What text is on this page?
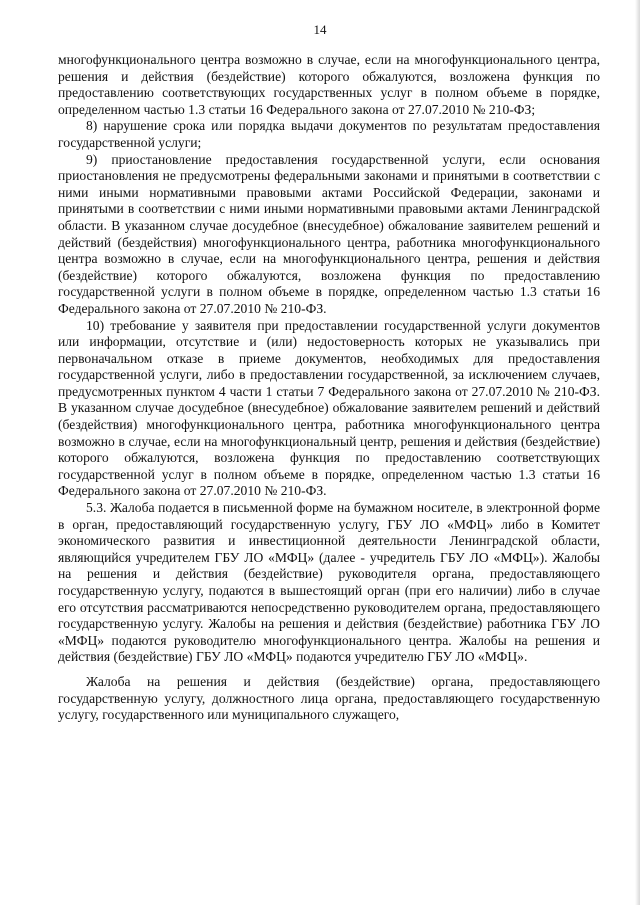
14

многофункционального центра возможно в случае, если на многофункционального центра, решения и действия (бездействие) которого обжалуются, возложена функция по предоставлению соответствующих государственных услуг в полном объеме в порядке, определенном частью 1.3 статьи 16 Федерального закона от 27.07.2010 № 210-ФЗ;

8) нарушение срока или порядка выдачи документов по результатам предоставления государственной услуги;

9) приостановление предоставления государственной услуги, если основания приостановления не предусмотрены федеральными законами и принятыми в соответствии с ними иными нормативными правовыми актами Российской Федерации, законами и принятыми в соответствии с ними иными нормативными правовыми актами Ленинградской области. В указанном случае досудебное (внесудебное) обжалование заявителем решений и действий (бездействия) многофункционального центра, работника многофункционального центра возможно в случае, если на многофункционального центра, решения и действия (бездействие) которого обжалуются, возложена функция по предоставлению государственной услуги в полном объеме в порядке, определенном частью 1.3 статьи 16 Федерального закона от 27.07.2010 № 210-ФЗ.

10) требование у заявителя при предоставлении государственной услуги документов или информации, отсутствие и (или) недостоверность которых не указывались при первоначальном отказе в приеме документов, необходимых для предоставления государственной услуги, либо в предоставлении государственной, за исключением случаев, предусмотренных пунктом 4 части 1 статьи 7 Федерального закона от 27.07.2010 № 210-ФЗ. В указанном случае досудебное (внесудебное) обжалование заявителем решений и действий (бездействия) многофункционального центра, работника многофункционального центра возможно в случае, если на многофункциональный центр, решения и действия (бездействие) которого обжалуются, возложена функция по предоставлению соответствующих государственной услуг в полном объеме в порядке, определенном частью 1.3 статьи 16 Федерального закона от 27.07.2010 № 210-ФЗ.

5.3. Жалоба подается в письменной форме на бумажном носителе, в электронной форме в орган, предоставляющий государственную услугу, ГБУ ЛО «МФЦ» либо в Комитет экономического развития и инвестиционной деятельности Ленинградской области, являющийся учредителем ГБУ ЛО «МФЦ» (далее - учредитель ГБУ ЛО «МФЦ»). Жалобы на решения и действия (бездействие) руководителя органа, предоставляющего государственную услугу, подаются в вышестоящий орган (при его наличии) либо в случае его отсутствия рассматриваются непосредственно руководителем органа, предоставляющего государственную услугу. Жалобы на решения и действия (бездействие) работника ГБУ ЛО «МФЦ» подаются руководителю многофункционального центра. Жалобы на решения и действия (бездействие) ГБУ ЛО «МФЦ» подаются учредителю ГБУ ЛО «МФЦ».

Жалоба на решения и действия (бездействие) органа, предоставляющего государственную услугу, должностного лица органа, предоставляющего государственную услугу, государственного или муниципального служащего,
